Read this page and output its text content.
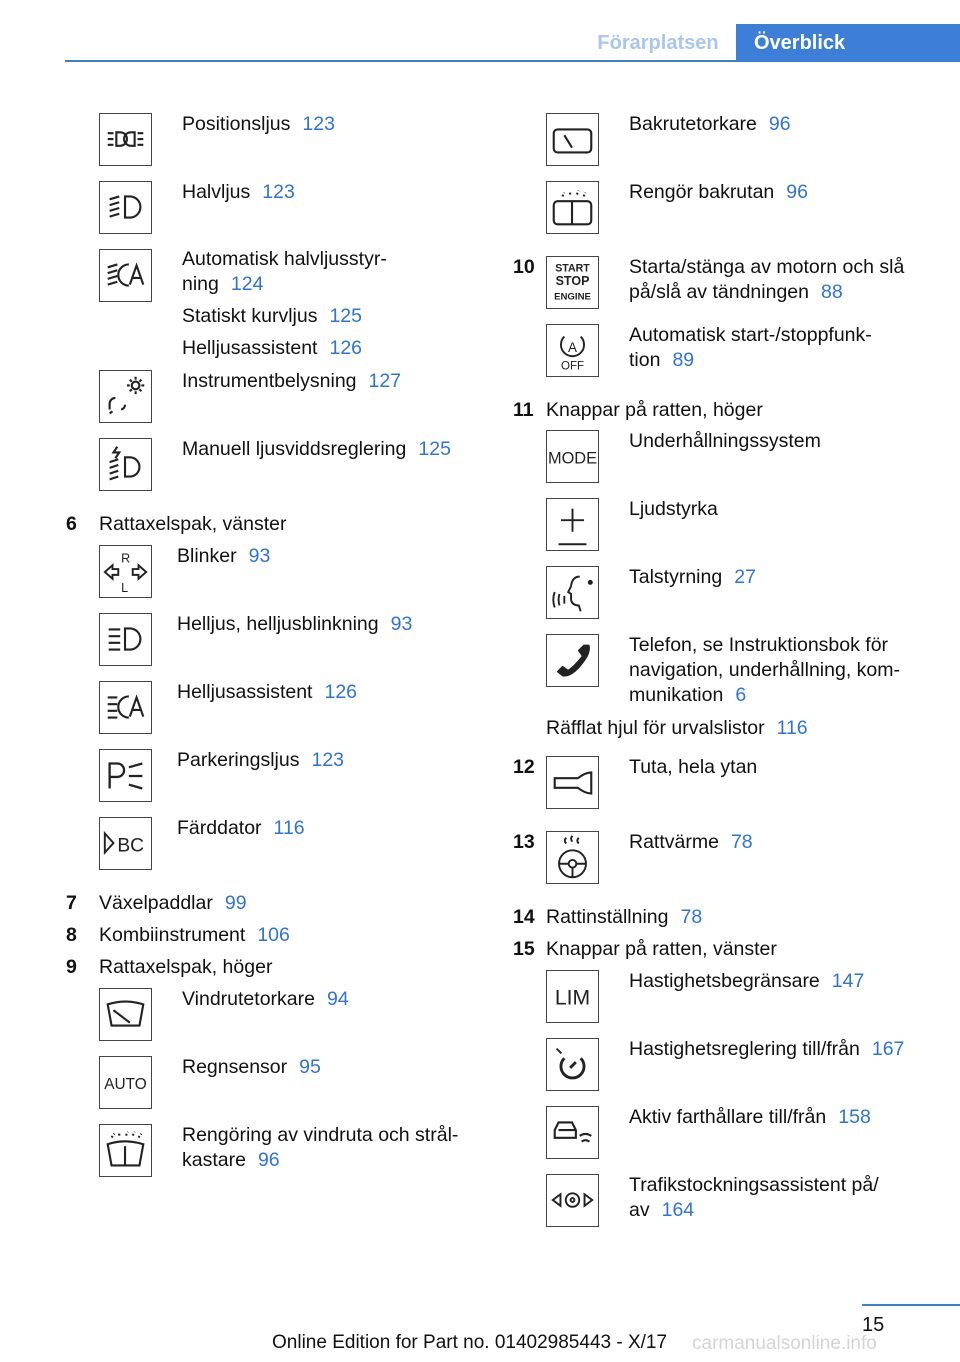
Förarplatsen	Överblick
Positionsljus 123
Halvljus 123
Automatisk halvljusstyr-
ning 124
Statiskt kurvljus 125
Helljusassistent 126
Instrumentbelysning 127
Manuell ljusviddsreglering 125
6 Rattaxelspak, vänster
R
L
Blinker 93
Helljus, helljusblinkning 93
Helljusassistent 126
Parkeringsljus 123
BC
Färddator 116
7 Växelpaddlar 99
8 Kombiinstrument 106
9 Rattaxelspak, höger
Vindrutetorkare 94
AUTO
Regnsensor 95
Rengöring av vindruta och strål-
kastare 96
Bakrutetorkare 96
Rengör bakrutan 96
10 START
STOP
ENGINE
Starta/stänga av motorn och slå
på/slå av tändningen 88
A
OFF
Automatisk start-/stoppfunk-
tion 89
11 Knappar på ratten, höger
MODE
Underhållningssystem
Ljudstyrka
Talstyrning 27
Telefon, se Instruktionsbok för
navigation, underhållning, kom-
munikation 6
Räfflat hjul för urvalslistor 116
12	Tuta, hela ytan
13	Rattvärme 78
14 Rattinställning 78
15 Knappar på ratten, vänster
LIM
Hastighetsbegränsare 147
Hastighetsreglering till/från 167
Aktiv farthållare till/från 158
Trafikstockningsassistent på/
av 164
15
Online Edition for Part no. 01402985443 - X/17 carmanualsonline.info
